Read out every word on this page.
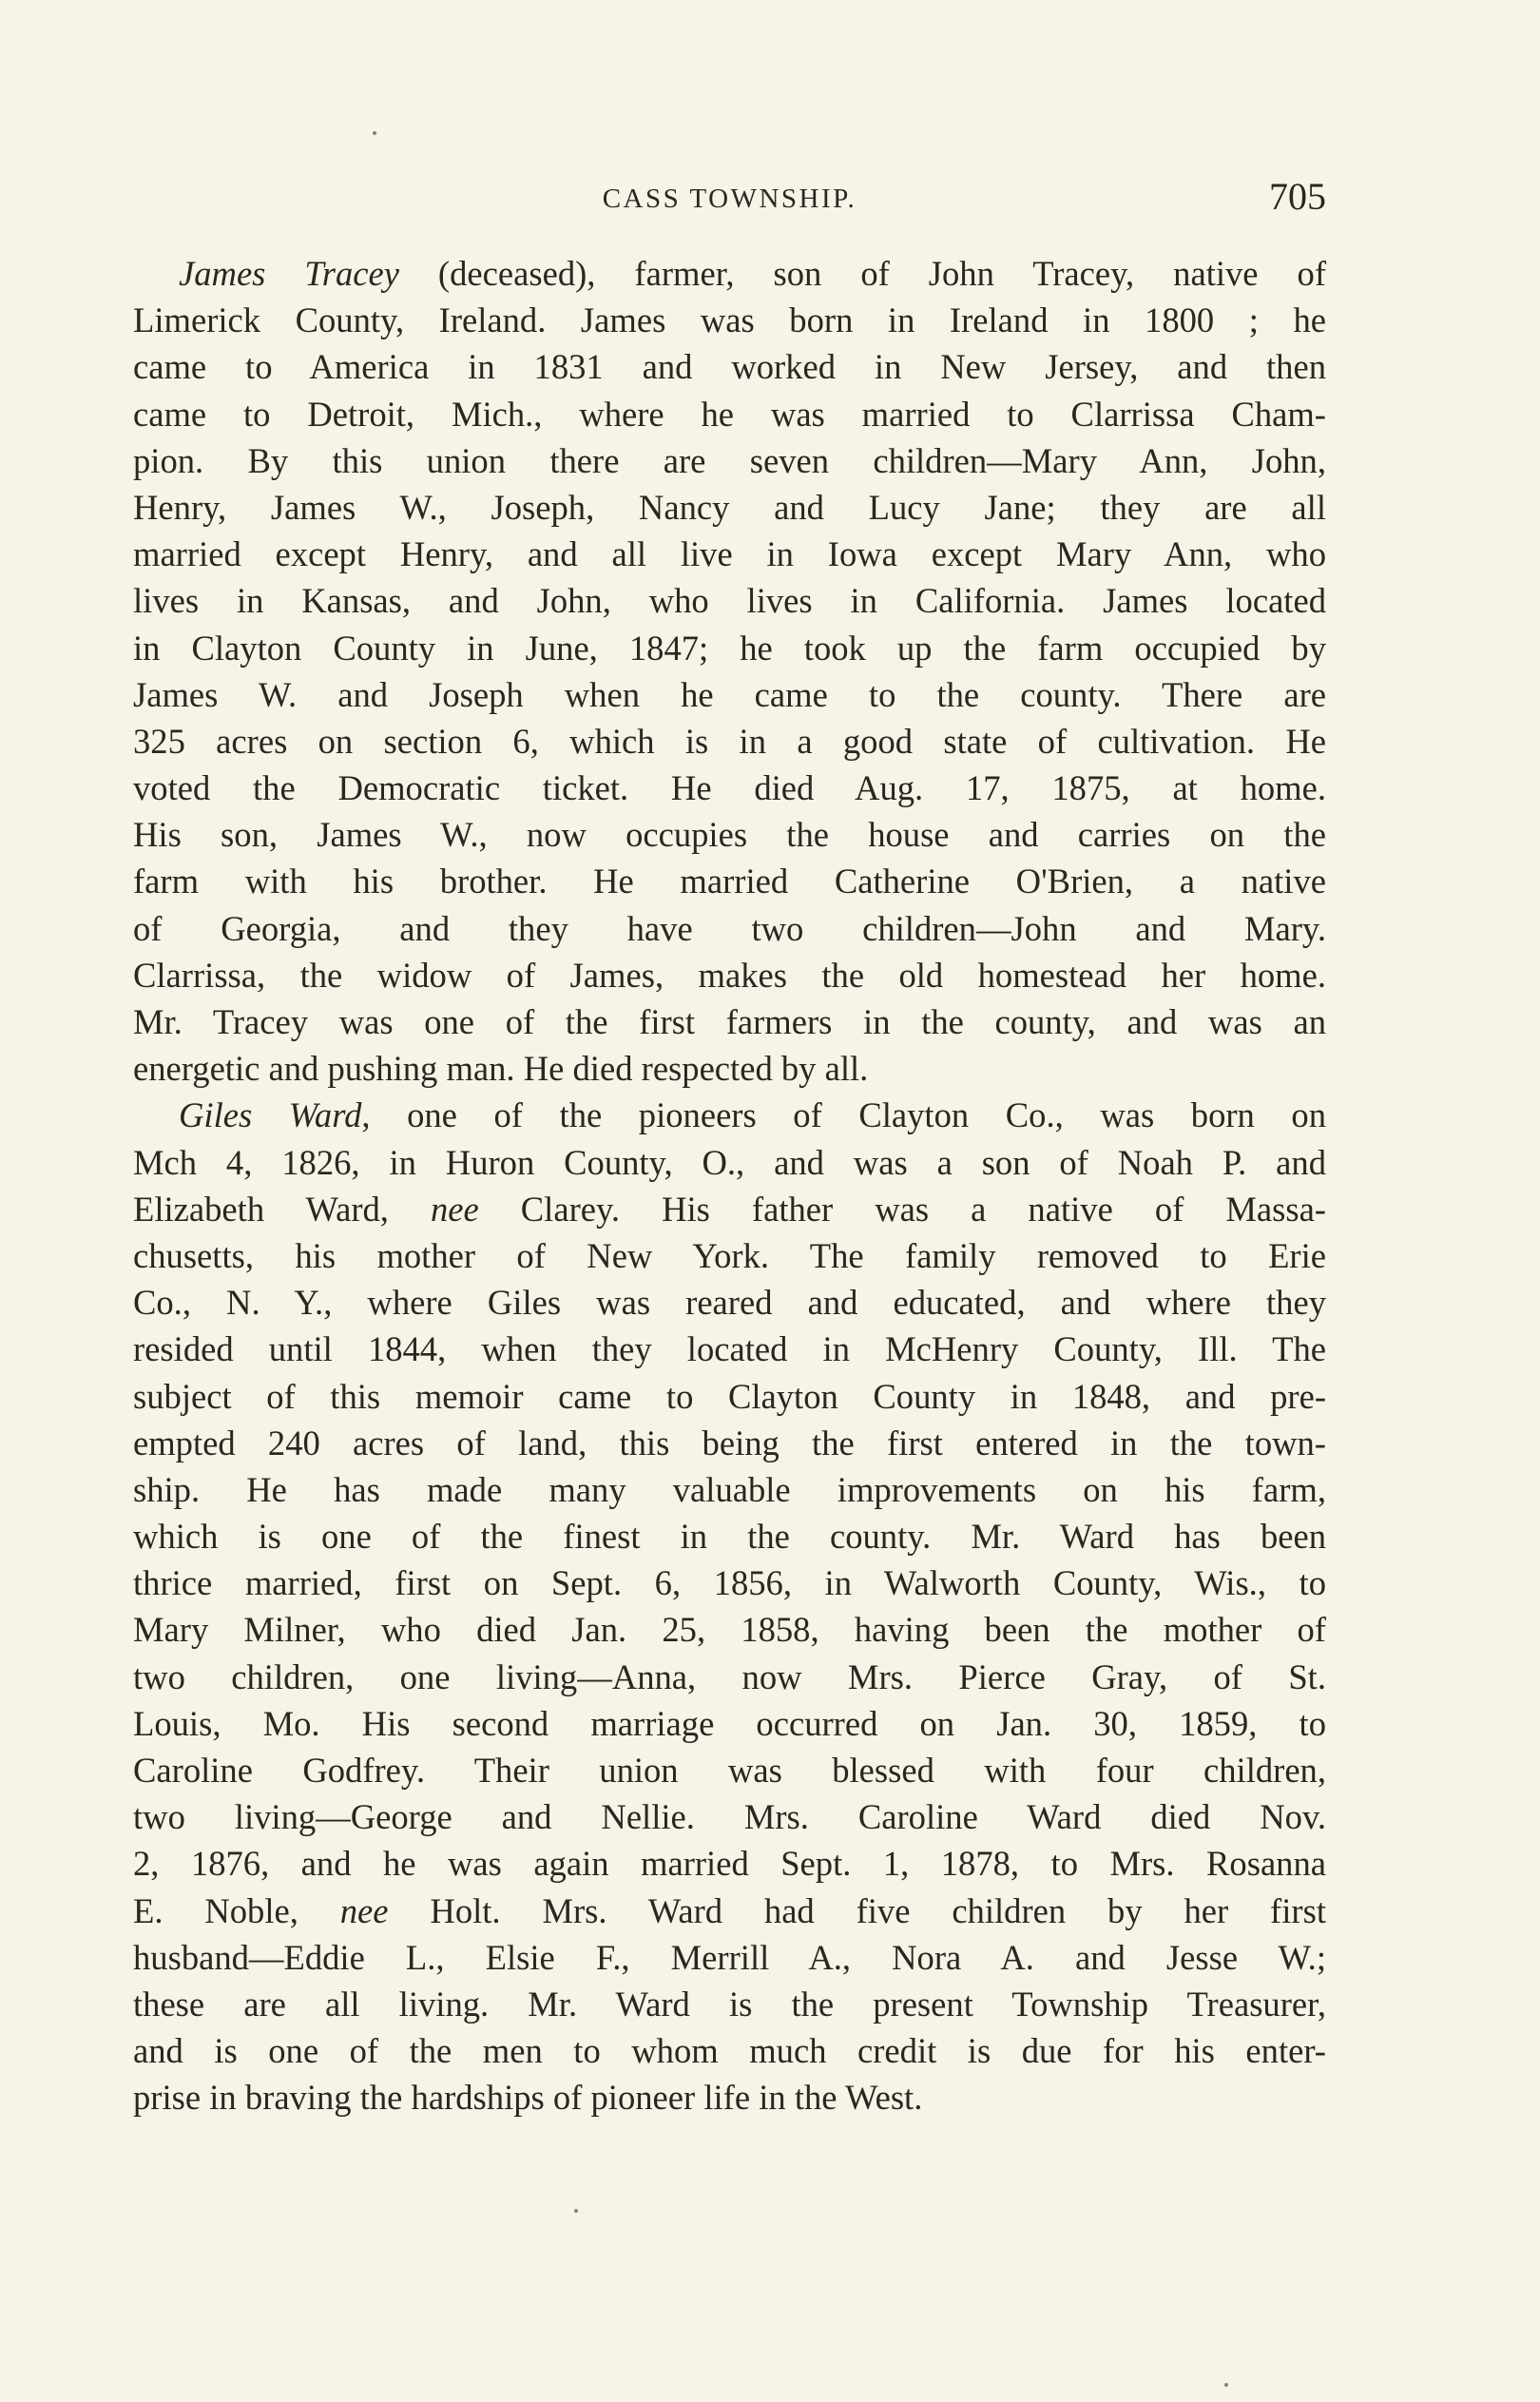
CASS TOWNSHIP.	705
James Tracey (deceased), farmer, son of John Tracey, native of
Limerick County, Ireland. James was born in Ireland in 1800 ; he
came to America in 1831 and worked in New Jersey, and then
came to Detroit, Mich., where he was married to Clarrissa Cham-
pion. By this union there are seven children—Mary Ann, John,
Henry, James W., Joseph, Nancy and Lucy Jane; they are all
married except Henry, and all live in Iowa except Mary Ann, who
lives in Kansas, and John, who lives in California. James located
in Clayton County in June, 1847; he took up the farm occupied by
James W. and Joseph when he came to the county. There are
325 acres on section 6, which is in a good state of cultivation. He
voted the Democratic ticket. He died Aug. 17, 1875, at home.
His son, James W., now occupies the house and carries on the
farm with his brother. He married Catherine O'Brien, a native
of Georgia, and they have two children—John and Mary.
Clarrissa, the widow of James, makes the old homestead her home.
Mr. Tracey was one of the first farmers in the county, and was an
energetic and pushing man. He died respected by all.
Giles Ward, one of the pioneers of Clayton Co., was born on
Mch 4, 1826, in Huron County, O., and was a son of Noah P. and
Elizabeth Ward, nee Clarey. His father was a native of Massa-
chusetts, his mother of New York. The family removed to Erie
Co., N. Y., where Giles was reared and educated, and where they
resided until 1844, when they located in McHenry County, Ill. The
subject of this memoir came to Clayton County in 1848, and pre-
empted 240 acres of land, this being the first entered in the town-
ship. He has made many valuable improvements on his farm,
which is one of the finest in the county. Mr. Ward has been
thrice married, first on Sept. 6, 1856, in Walworth County, Wis., to
Mary Milner, who died Jan. 25, 1858, having been the mother of
two children, one living—Anna, now Mrs. Pierce Gray, of St.
Louis, Mo. His second marriage occurred on Jan. 30, 1859, to
Caroline Godfrey. Their union was blessed with four children,
two living—George and Nellie. Mrs. Caroline Ward died Nov.
2, 1876, and he was again married Sept. 1, 1878, to Mrs. Rosanna
E. Noble, nee Holt. Mrs. Ward had five children by her first
husband—Eddie L., Elsie F., Merrill A., Nora A. and Jesse W.;
these are all living. Mr. Ward is the present Township Treasurer,
and is one of the men to whom much credit is due for his enter-
prise in braving the hardships of pioneer life in the West.
